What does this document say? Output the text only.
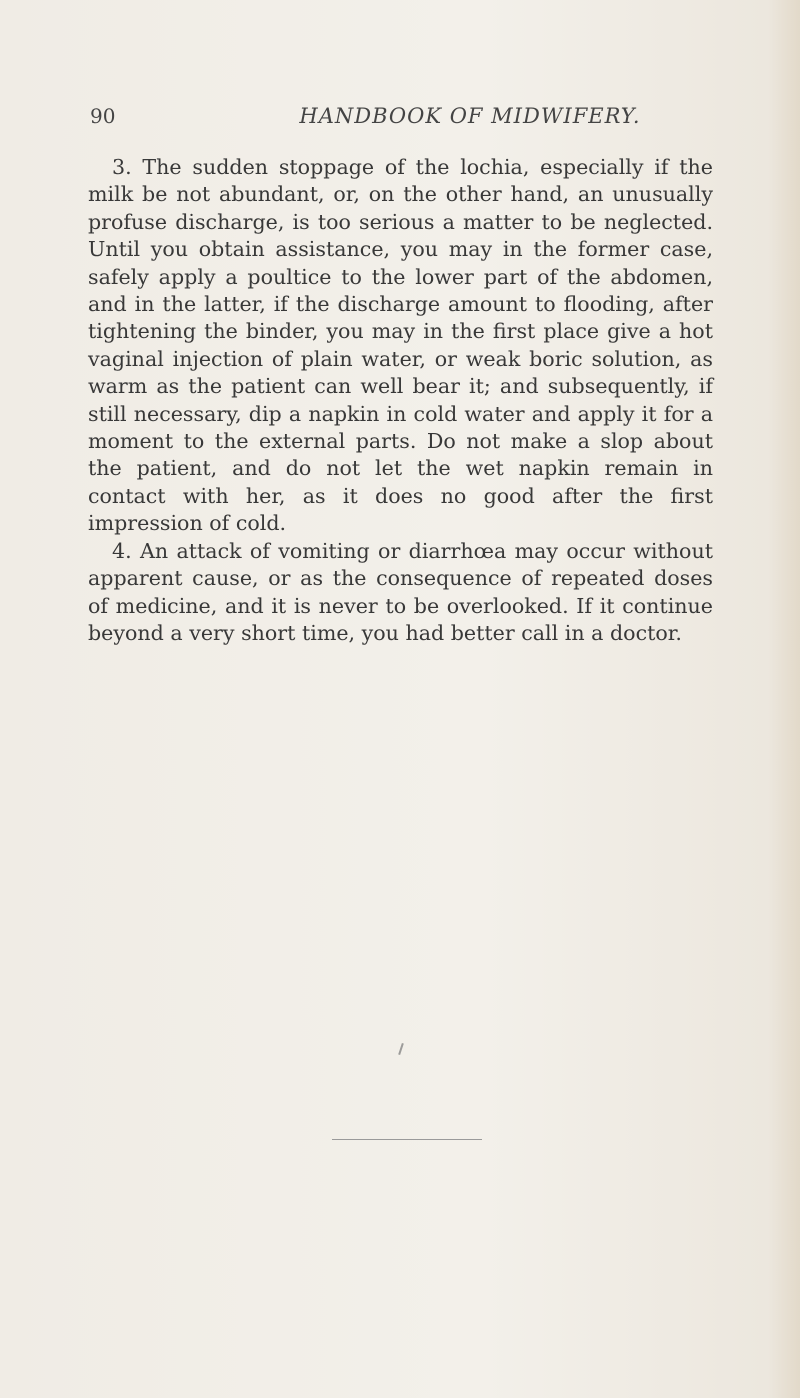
90	HANDBOOK OF MIDWIFERY.

3. The sudden stoppage of the lochia, especially if the milk be not abundant, or, on the other hand, an unusually profuse discharge, is too serious a matter to be neglected. Until you obtain assistance, you may in the former case, safely apply a poultice to the lower part of the abdomen, and in the latter, if the discharge amount to flooding, after tightening the binder, you may in the first place give a hot vaginal injection of plain water, or weak boric solution, as warm as the patient can well bear it; and subsequently, if still necessary, dip a napkin in cold water and apply it for a moment to the external parts. Do not make a slop about the patient, and do not let the wet napkin remain in contact with her, as it does no good after the first impression of cold.

4. An attack of vomiting or diarrhœa may occur without apparent cause, or as the consequence of repeated doses of medicine, and it is never to be overlooked. If it continue beyond a very short time, you had better call in a doctor.
